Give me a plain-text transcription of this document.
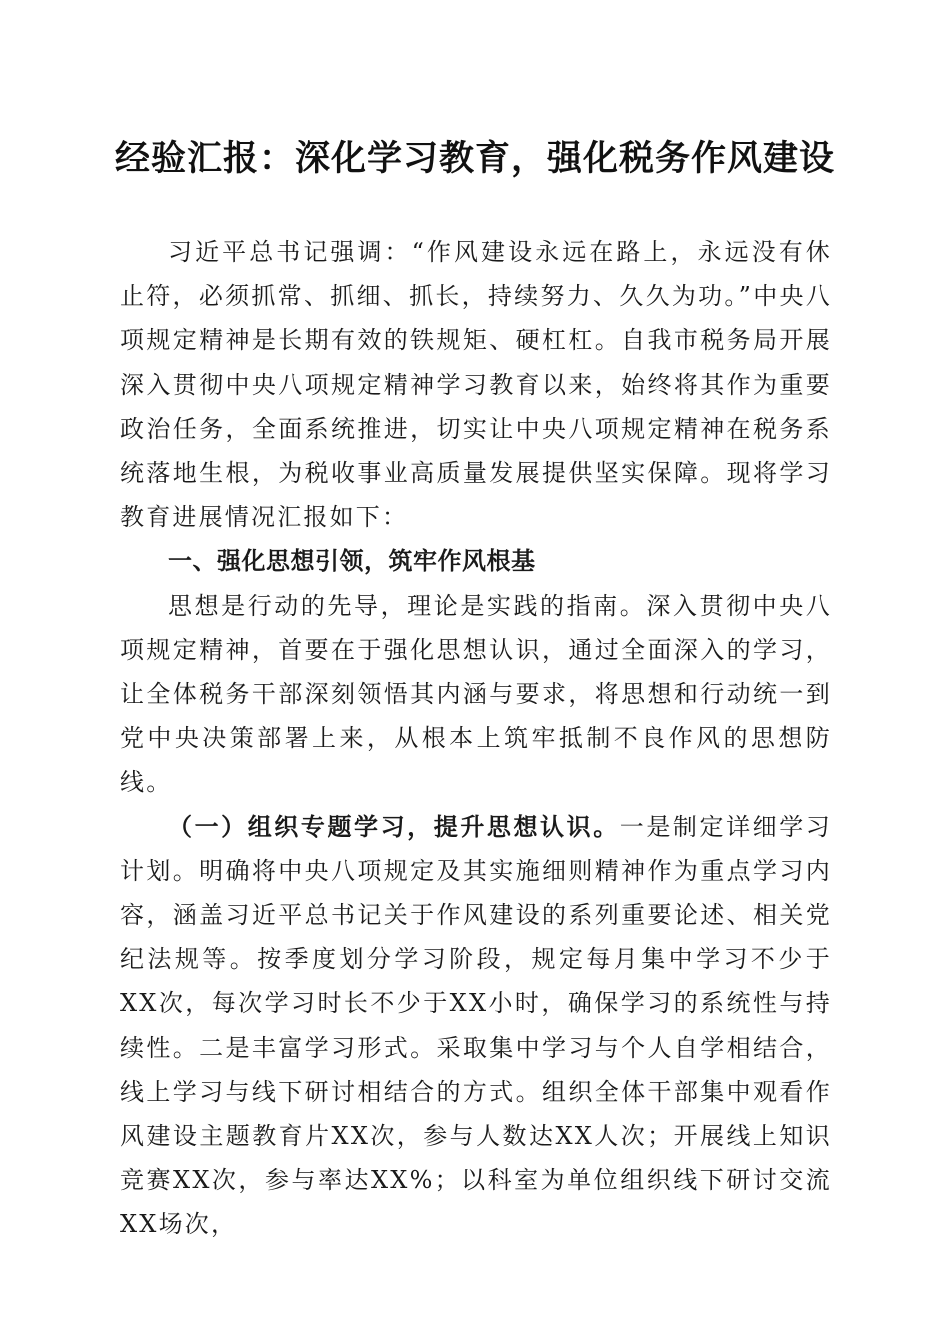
经验汇报：深化学习教育，强化税务作风建设

习近平总书记强调：“作风建设永远在路上，永远没有休止符，必须抓常、抓细、抓长，持续努力、久久为功。”中央八项规定精神是长期有效的铁规矩、硬杠杠。自我市税务局开展深入贯彻中央八项规定精神学习教育以来，始终将其作为重要政治任务，全面系统推进，切实让中央八项规定精神在税务系统落地生根，为税收事业高质量发展提供坚实保障。现将学习教育进展情况汇报如下：

一、强化思想引领，筑牢作风根基

思想是行动的先导，理论是实践的指南。深入贯彻中央八项规定精神，首要在于强化思想认识，通过全面深入的学习，让全体税务干部深刻领悟其内涵与要求，将思想和行动统一到党中央决策部署上来，从根本上筑牢抵制不良作风的思想防线。

（一）组织专题学习，提升思想认识。一是制定详细学习计划。明确将中央八项规定及其实施细则精神作为重点学习内容，涵盖习近平总书记关于作风建设的系列重要论述、相关党纪法规等。按季度划分学习阶段，规定每月集中学习不少于XX次，每次学习时长不少于XX小时，确保学习的系统性与持续性。二是丰富学习形式。采取集中学习与个人自学相结合，线上学习与线下研讨相结合的方式。组织全体干部集中观看作风建设主题教育片XX次，参与人数达XX人次；开展线上知识竞赛XX次，参与率达XX%；以科室为单位组织线下研讨交流XX场次，
